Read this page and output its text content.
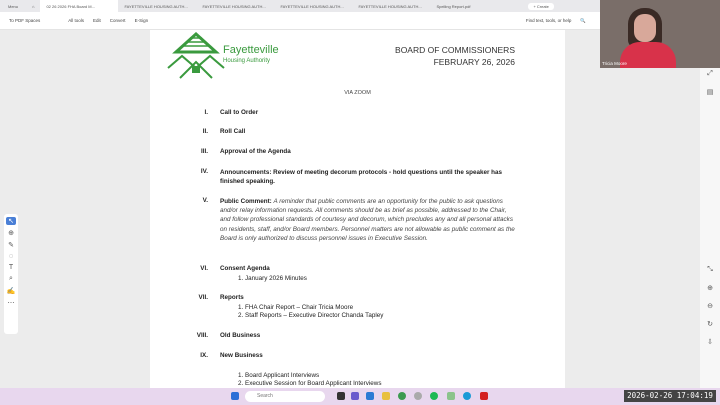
Menu	⌂	02 26 2026 FHA Board M...	FAYETTEVILLE HOUSING AUTH...	FAYETTEVILLE HOUSING AUTH...	FAYETTEVILLE HOUSING AUTH...	FAYETTEVILLE HOUSING AUTH...	Spelling Report.pdf	+ Create
To PDF Spaces	All tools Edit Convert E-Sign	Find text, tools, or help 🔍
↖
⊕
✎
◌
T
⌕
✍
⋯
Fayetteville
Housing Authority
BOARD OF COMMISSIONERS
FEBRUARY 26, 2026
VIA ZOOM
I.	Call to Order
II.	Roll Call
III.	Approval of the Agenda
IV.	Announcements: Review of meeting decorum protocols - hold questions until the speaker has finished speaking.
V.	Public Comment: A reminder that public comments are an opportunity for the public to ask questions and/or relay information requests. All comments should be as brief as possible, addressed to the Chair, and follow professional standards of courtesy and decorum, which precludes any and all personal attacks on residents, staff, and/or Board members. Personnel matters are not allowable as public comment as the Board is only authorized to discuss personnel issues in Executive Session.
VI.	Consent Agenda
1. January 2026 Minutes
VII.	Reports
1. FHA Chair Report – Chair Tricia Moore
2. Staff Reports – Executive Director Chanda Tapley
VIII.	Old Business
IX.	New Business
1. Board Applicant Interviews
2. Executive Session for Board Applicant Interviews
Tricia Moore
⤢
▤
⤡
⊕
⊖
↻
⇩
Search	2026-02-26 17:04:19
